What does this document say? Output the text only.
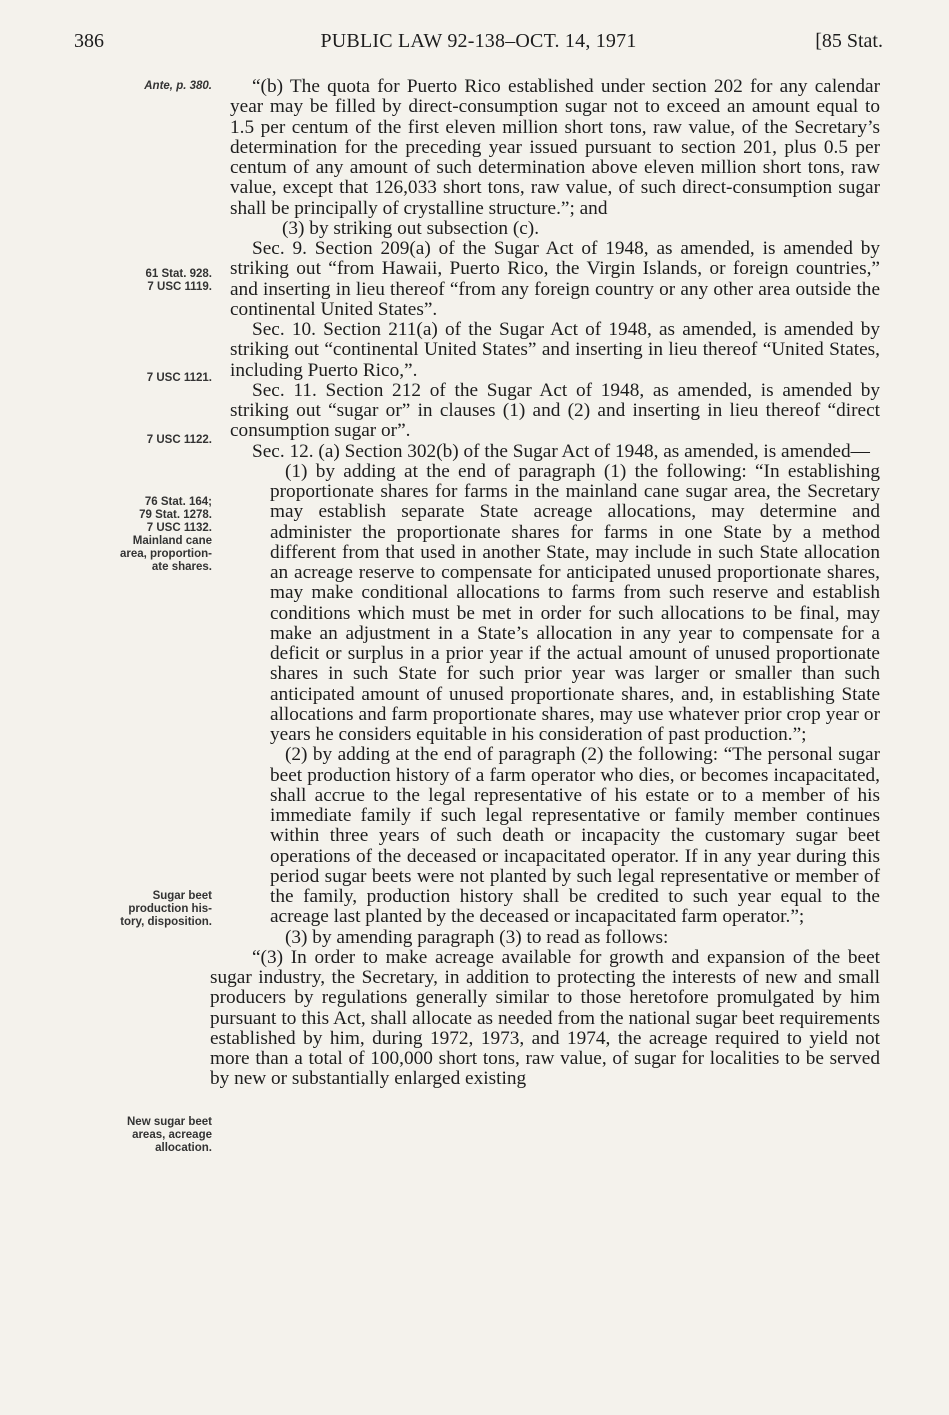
386	PUBLIC LAW 92-138–OCT. 14, 1971	[85 Stat.
Ante, p. 380.
61 Stat. 928.
7 USC 1119.
7 USC 1121.
7 USC 1122.
76 Stat. 164;
79 Stat. 1278.
7 USC 1132.
Mainland cane
area, proportion-
ate shares.
Sugar beet
production his-
tory, disposition.
New sugar beet
areas, acreage
allocation.

“(b) The quota for Puerto Rico established under section 202 for any calendar year may be filled by direct-consumption sugar not to exceed an amount equal to 1.5 per centum of the first eleven million short tons, raw value, of the Secretary’s determination for the preceding year issued pursuant to section 201, plus 0.5 per centum of any amount of such determination above eleven million short tons, raw value, except that 126,033 short tons, raw value, of such direct-consumption sugar shall be principally of crystalline structure.”; and

(3) by striking out subsection (c).

Sec. 9. Section 209(a) of the Sugar Act of 1948, as amended, is amended by striking out “from Hawaii, Puerto Rico, the Virgin Islands, or foreign countries,” and inserting in lieu thereof “from any foreign country or any other area outside the continental United States”.

Sec. 10. Section 211(a) of the Sugar Act of 1948, as amended, is amended by striking out “continental United States” and inserting in lieu thereof “United States, including Puerto Rico,”.

Sec. 11. Section 212 of the Sugar Act of 1948, as amended, is amended by striking out “sugar or” in clauses (1) and (2) and inserting in lieu thereof “direct consumption sugar or”.

Sec. 12. (a) Section 302(b) of the Sugar Act of 1948, as amended, is amended—

(1) by adding at the end of paragraph (1) the following: “In establishing proportionate shares for farms in the mainland cane sugar area, the Secretary may establish separate State acreage allocations, may determine and administer the proportionate shares for farms in one State by a method different from that used in another State, may include in such State allocation an acreage reserve to compensate for anticipated unused proportionate shares, may make conditional allocations to farms from such reserve and establish conditions which must be met in order for such allocations to be final, may make an adjustment in a State’s allocation in any year to compensate for a deficit or surplus in a prior year if the actual amount of unused proportionate shares in such State for such prior year was larger or smaller than such anticipated amount of unused proportionate shares, and, in establishing State allocations and farm proportionate shares, may use whatever prior crop year or years he considers equitable in his consideration of past production.”;

(2) by adding at the end of paragraph (2) the following: “The personal sugar beet production history of a farm operator who dies, or becomes incapacitated, shall accrue to the legal representative of his estate or to a member of his immediate family if such legal representative or family member continues within three years of such death or incapacity the customary sugar beet operations of the deceased or incapacitated operator. If in any year during this period sugar beets were not planted by such legal representative or member of the family, production history shall be credited to such year equal to the acreage last planted by the deceased or incapacitated farm operator.”;

(3) by amending paragraph (3) to read as follows:

“(3) In order to make acreage available for growth and expansion of the beet sugar industry, the Secretary, in addition to protecting the interests of new and small producers by regulations generally similar to those heretofore promulgated by him pursuant to this Act, shall allocate as needed from the national sugar beet requirements established by him, during 1972, 1973, and 1974, the acreage required to yield not more than a total of 100,000 short tons, raw value, of sugar for localities to be served by new or substantially enlarged existing
